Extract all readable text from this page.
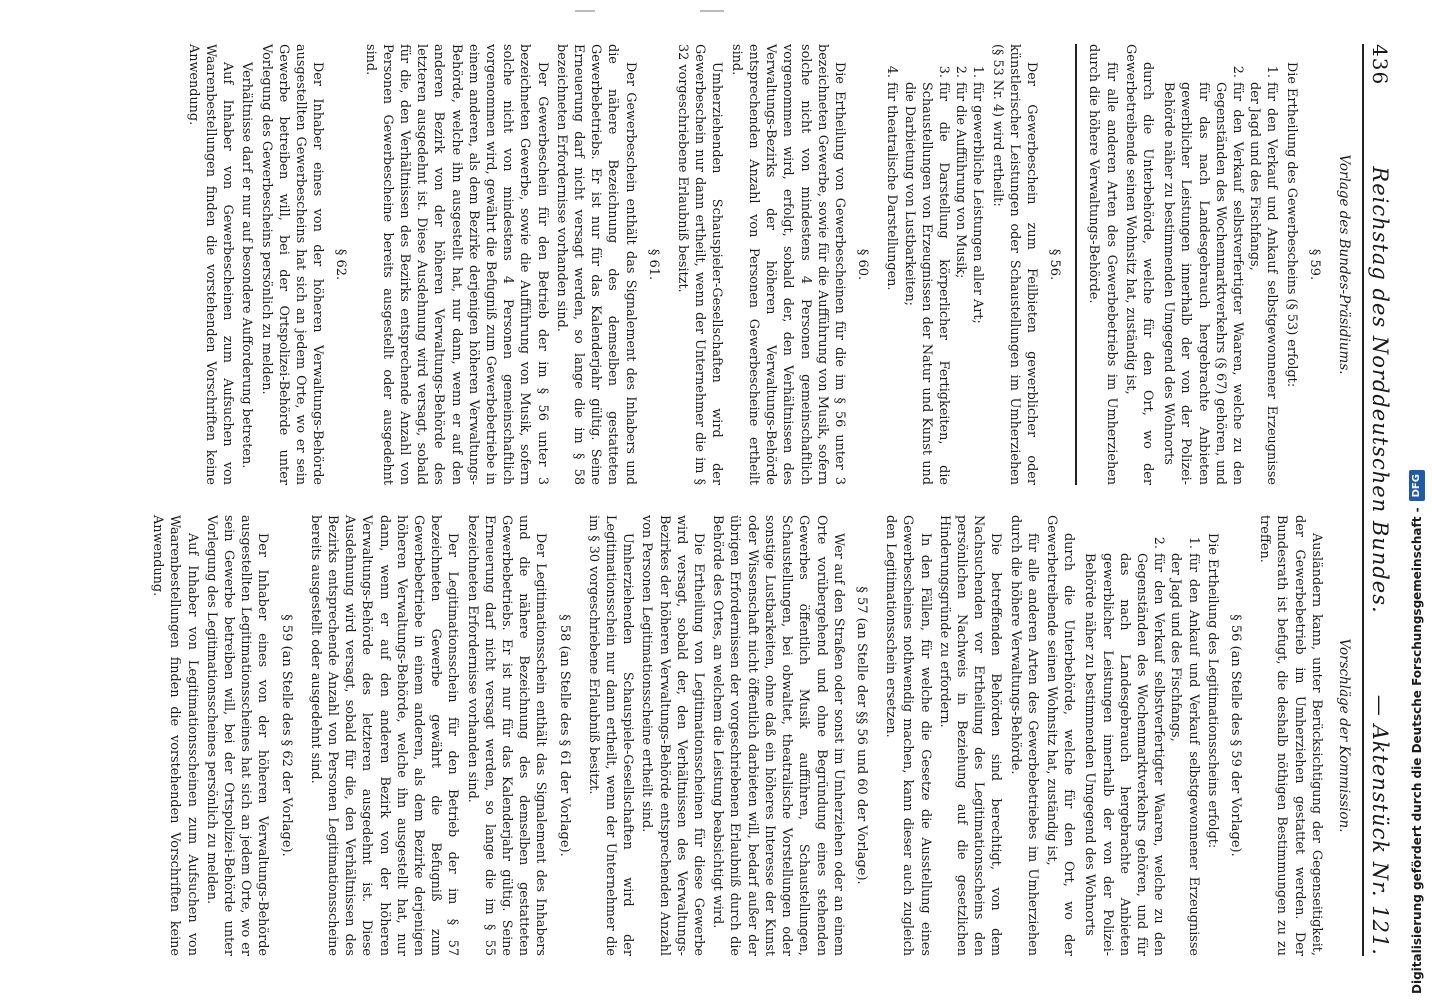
436
Reichstag des Norddeutschen Bundes.
— Aktenstück Nr. 121.
Vorlage des Bundes-Präsidiums.
§ 59.

Die Ertheilung des Gewerbescheins (§ 53) erfolgt:

1. für den Verkauf und Ankauf selbstgewonnener Erzeugnisse der Jagd und des Fischfangs,
2. für den Verkauf selbstverfertigter Waaren, welche zu den Gegenständen des Wochenmarktverkehrs (§ 67) gehören, und für das nach Landesgebrauch hergebrachte Anbieten gewerblicher Leistungen innerhalb der von der Polizei-Behörde näher zu bestimmenden Umgegend des Wohnorts

durch die Unterbehörde, welche für den Ort, wo der Gewerbetreibende seinen Wohnsitz hat, zuständig ist,

für alle anderen Arten des Gewerbebetriebs im Umherziehen durch die höhere Verwaltungs-Behörde.

§ 56.

Der Gewerbeschein zum Feilbieten gewerblicher oder künstlerischer Leistungen oder Schaustellungen im Umherziehen (§ 53 Nr. 4) wird ertheilt:

1. für gewerbliche Leistungen aller Art;
2. für die Aufführung von Musik;
3. für die Darstellung körperlicher Fertigkeiten, die Schaustellungen von Erzeugnissen der Natur und Kunst und die Darbietung von Lustbarkeiten;
4. für theatralische Darstellungen.
§ 60.

Die Ertheilung von Gewerbescheinen für die im § 56 unter 3 bezeichneten Gewerbe, sowie für die Aufführung von Musik, sofern solche nicht von mindestens 4 Personen gemeinschaftlich vorgenommen wird, erfolgt, sobald der, den Verhältnissen des Verwaltungs-Bezirks der höheren Verwaltungs-Behörde entsprechenden Anzahl von Personen Gewerbescheine ertheilt sind.

Umherziehenden Schauspieler-Gesellschaften wird der Gewerbeschein nur dann ertheilt, wenn der Unternehmer die im § 32 vorgeschriebene Erlaubniß besitzt.

§ 61.

Der Gewerbeschein enthält das Signalement des Inhabers und die nähere Bezeichnung des demselben gestatteten Gewerbebetriebs. Er ist nur für das Kalenderjahr gültig. Seine Erneuerung darf nicht versagt werden, so lange die im § 58 bezeichneten Erfordernisse vorhanden sind.

Der Gewerbeschein für den Betrieb der im § 56 unter 3 bezeichneten Gewerbe, sowie die Aufführung von Musik, sofern solche nicht von mindestens 4 Personen gemeinschaftlich vorgenommen wird, gewährt die Befugniß zum Gewerbebetriebe in einem anderen, als dem Bezirke derjenigen höheren Verwaltungs-Behörde, welche ihn ausgestellt hat, nur dann, wenn er auf den anderen Bezirk von der höheren Verwaltungs-Behörde des letzteren ausgedehnt ist. Diese Ausdehnung wird versagt, sobald für die, den Verhältnissen des Bezirks entsprechende Anzahl von Personen Gewerbescheine bereits ausgestellt oder ausgedehnt sind.

§ 62.

Der Inhaber eines von der höheren Verwaltungs-Behörde ausgestellten Gewerbescheins hat sich an jedem Orte, wo er sein Gewerbe betreiben will, bei der Ortspolizei-Behörde unter Vorlegung des Gewerbescheins persönlich zu melden.

Verhältnisse darf er nur auf besondere Aufforderung betreten.

Auf Inhaber von Gewerbescheinen zum Aufsuchen von Waarenbestellungen finden die vorstehenden Vorschriften keine Anwendung.

Vorschläge der Kommission.

Ausländern kann, unter Berücksichtigung der Gegenseitigkeit, der Gewerbebetrieb im Umherziehen gestattet werden. Der Bundesrath ist befugt, die deshalb nöthigen Bestimmungen zu zu treffen.

§ 56 (an Stelle des § 59 der Vorlage).

Die Ertheilung des Legitimationsscheins erfolgt:

1. für den Ankauf und Verkauf selbstgewonnener Erzeugnisse der Jagd und des Fischfangs,
2. für den Verkauf selbstverfertigter Waaren, welche zu den Gegenständen des Wochenmarktverkehrs gehören, und für das nach Landesgebrauch hergebrachte Anbieten gewerblicher Leistungen innerhalb der von der Polizei-Behörde näher zu bestimmenden Umgegend des Wohnorts

durch die Unterbehörde, welche für den Ort, wo der Gewerbetreibende seinen Wohnsitz hat, zuständig ist,

für alle anderen Arten des Gewerbebetriebes im Umherziehen durch die höhere Verwaltungs-Behörde.

Die betreffenden Behörden sind berechtigt, von dem Nachsuchenden vor Ertheilung des Legitimationsscheins den persönlichen Nachweis in Beziehung auf die gesetzlichen Hinderungsgründe zu erfordern.

In den Fällen, für welche die Gesetze die Ausstellung eines Gewerbescheines nothwendig machen, kann dieser auch zugleich den Legitimationsschein ersetzen.

§ 57 (an Stelle der §§ 56 und 60 der Vorlage).

Wer auf den Straßen oder sonst im Umherziehen oder an einem Orte vorübergehend und ohne Begründung eines stehenden Gewerbes öffentlich Musik aufführen, Schaustellungen, Schaustellungen, bei obwaltet, theatralische Vorstellungen oder sonstige Lustbarkeiten, ohne daß ein höheres Interesse der Kunst oder Wissenschaft nicht öffentlich darbieten will, bedarf außer der übrigen Erfordernissen der vorgeschriebenen Erlaubniß durch die Behörde des Ortes, an welchem die Leistung beabsichtigt wird.

Die Ertheilung von Legitimationsscheinen für diese Gewerbe wird versagt, sobald der, den Verhältnissen des Verwaltungs-Bezirkes der höheren Verwaltungs-Behörde entsprechenden Anzahl von Personen Legitimationsscheine ertheilt sind.

Umherziehenden Schauspiele-Gesellschaften wird der Legitimationsschein nur dann ertheilt, wenn der Unternehmer die im § 30 vorgeschriebene Erlaubniß besitzt.

§ 58 (an Stelle des § 61 der Vorlage).

Der Legitimationsschein enthält das Signalement des Inhabers und die nähere Bezeichnung des demselben gestatteten Gewerbebetriebs. Er ist nur für das Kalenderjahr gültig. Seine Erneuerung darf nicht versagt werden, so lange die im § 55 bezeichneten Erfordernisse vorhanden sind.

Der Legitimationsschein für den Betrieb der im § 57 bezeichneten Gewerbe gewährt die Befugniß zum Gewerbebetriebe in einem anderen, als dem Bezirke derjenigen höheren Verwaltungs-Behörde, welche ihn ausgestellt hat, nur dann, wenn er auf den anderen Bezirk von der höheren Verwaltungs-Behörde des letzteren ausgedehnt ist. Diese Ausdehnung wird versagt, sobald für die, den Verhältnissen des Bezirks entsprechende Anzahl von Personen Legitimationsscheine bereits ausgestellt oder ausgedehnt sind.

§ 59 (an Stelle des § 62 der Vorlage).

Der Inhaber eines von der höheren Verwaltungs-Behörde ausgestellten Legitimationsscheines hat sich an jedem Orte, wo er sein Gewerbe betreiben will, bei der Ortspolizei-Behörde unter Vorlegung des Legitimationsscheines persönlich zu melden.

Auf Inhaber von Legitimationsscheinen zum Aufsuchen von Waarenbestellungen finden die vorstehenden Vorschriften keine Anwendung.	Digitalisierung gefördert durch die Deutsche Forschungsgemeinschaft -
DFG
